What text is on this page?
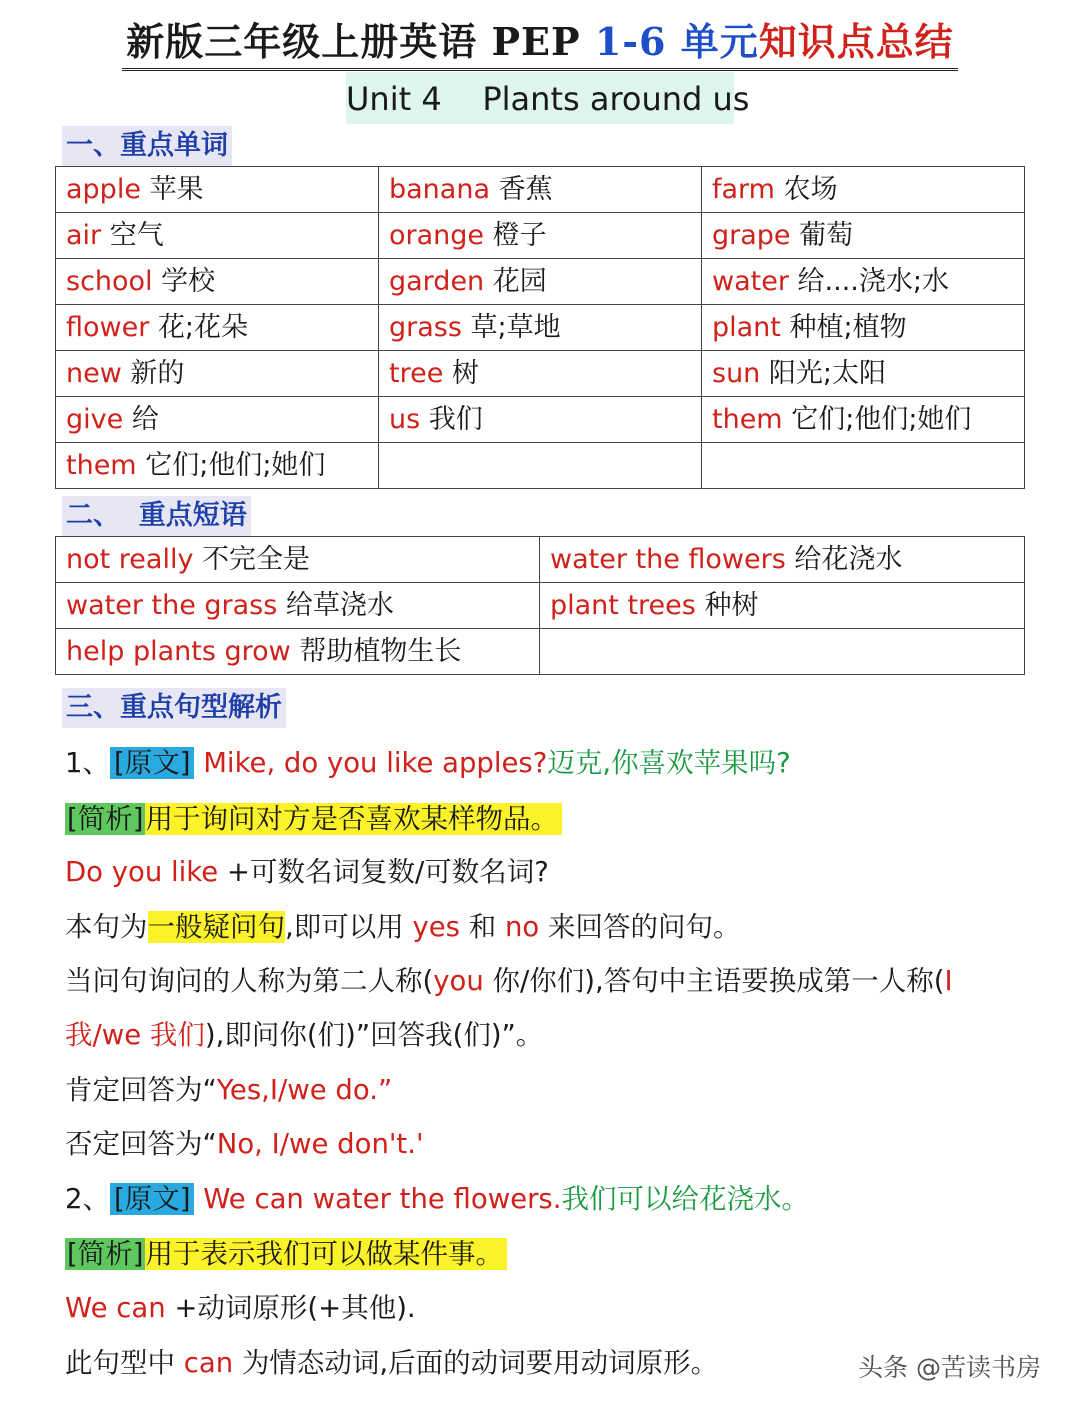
新版三年级上册英语 PEP 1-6 单元知识点总结
Unit 4    Plants around us
一、重点单词
apple 苹果	banana 香蕉	farm 农场
air 空气	orange 橙子	grape 葡萄
school 学校	garden 花园	water 给....浇水;水
flower 花;花朵	grass 草;草地	plant 种植;植物
new 新的	tree 树	sun 阳光;太阳
give 给	us 我们	them 它们;他们;她们
them 它们;他们;她们		
二、  重点短语
not really 不完全是	water the flowers 给花浇水
water the grass 给草浇水	plant trees 种树
help plants grow 帮助植物生长	
三、重点句型解析
1、 [原文] Mike, do you like apples?迈克,你喜欢苹果吗?
[简析]用于询问对方是否喜欢某样物品。
Do you like +可数名词复数/可数名词?
本句为一般疑问句,即可以用 yes 和 no 来回答的问句。
当问句询问的人称为第二人称(you 你/你们),答句中主语要换成第一人称(I
我/we 我们),即问你(们)”回答我(们)”。
肯定回答为“Yes,I/we do.”
否定回答为“No, I/we don't.'
2、 [原文] We can water the flowers.我们可以给花浇水。
[简析]用于表示我们可以做某件事。
We can +动词原形(+其他).
此句型中 can 为情态动词,后面的动词要用动词原形。	头条 @苦读书房
